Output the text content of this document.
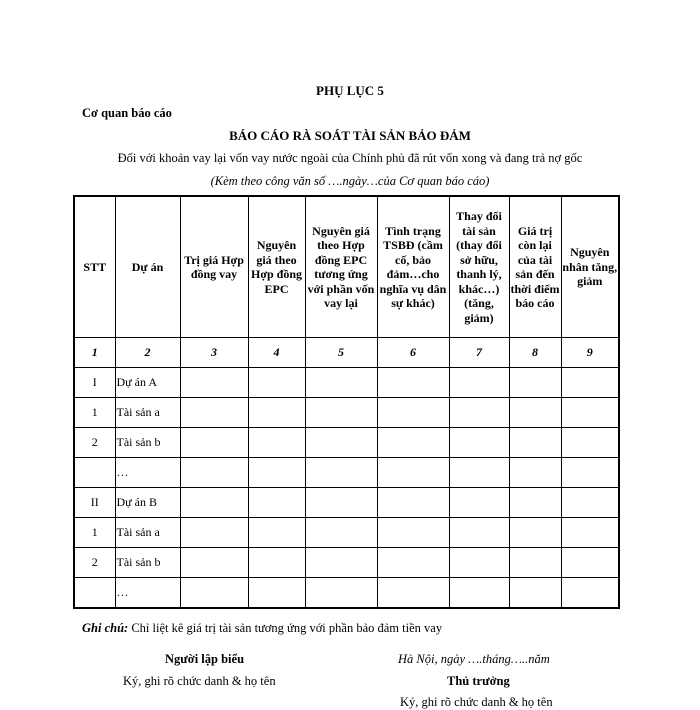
PHỤ LỤC 5
Cơ quan báo cáo
BÁO CÁO RÀ SOÁT TÀI SẢN BẢO ĐẢM
Đối với khoản vay lại vốn vay nước ngoài của Chính phủ đã rút vốn xong và đang trả nợ gốc
(Kèm theo công văn số ….ngày…của Cơ quan báo cáo)
STT	Dự án	Trị giá Hợp đồng vay	Nguyên giá theo Hợp đồng EPC	Nguyên giá theo Hợp đồng EPC tương ứng với phần vốn vay lại	Tình trạng TSBĐ (cầm cố, bảo đảm…cho nghĩa vụ dân sự khác)	Thay đổi tài sản (thay đổi sở hữu, thanh lý, khác…) (tăng, giảm)	Giá trị còn lại của tài sản đến thời điểm báo cáo	Nguyên nhân tăng, giảm
1	2	3	4	5	6	7	8	9
I	Dự án A							
1	Tài sản a							
2	Tài sản b							
	…							
II	Dự án B							
1	Tài sản a							
2	Tài sản b							
	…							
Ghi chú: Chỉ liệt kê giá trị tài sản tương ứng với phần bảo đảm tiền vay
Người lập biểu
Ký, ghi rõ chức danh & họ tên
Hà Nội, ngày ….tháng…..năm
Thủ trưởng
Ký, ghi rõ chức danh & họ tên
